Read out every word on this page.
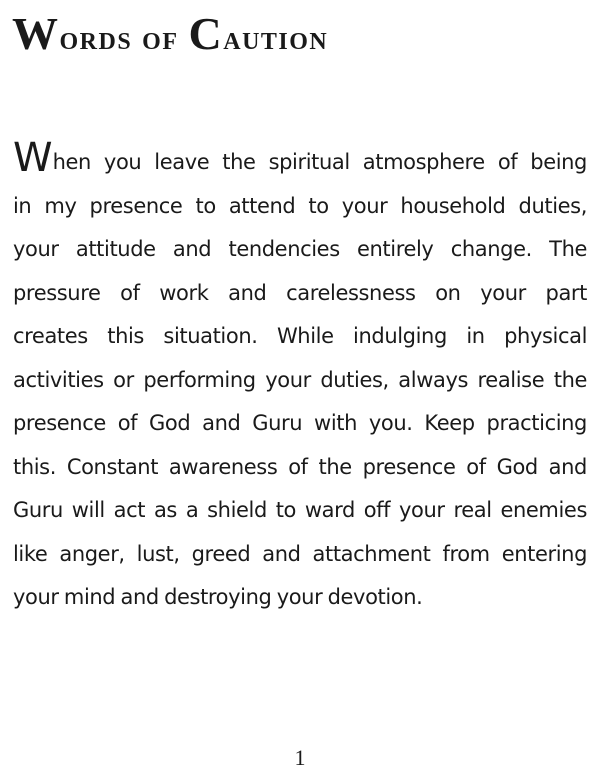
Words of Caution
When you leave the spiritual atmosphere of being
in my presence to attend to your household duties,
your attitude and tendencies entirely change. The
pressure of work and carelessness on your part
creates this situation. While indulging in physical
activities or performing your duties, always realise the
presence of God and Guru with you. Keep practicing
this. Constant awareness of the presence of God and
Guru will act as a shield to ward off your real enemies
like anger, lust, greed and attachment from entering
your mind and destroying your devotion.

1
